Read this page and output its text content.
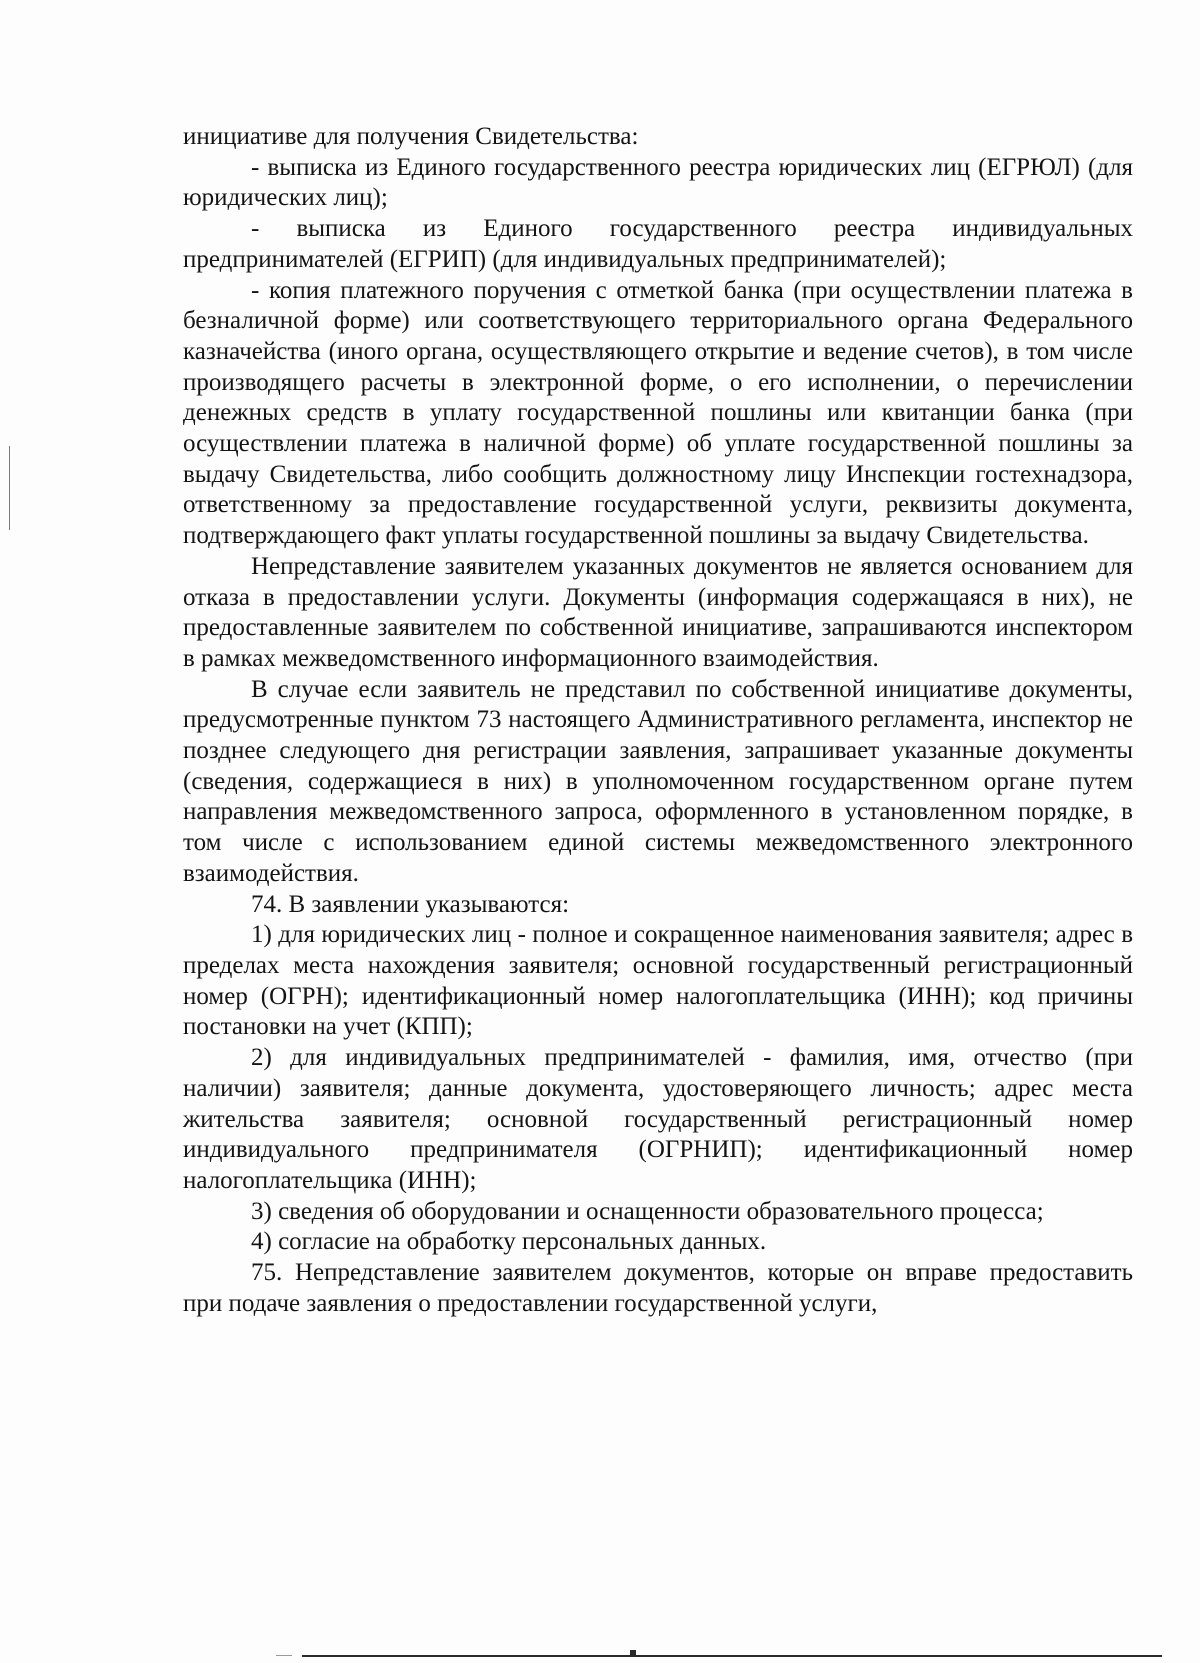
инициативе для получения Свидетельства:

- выписка из Единого государственного реестра юридических лиц (ЕГРЮЛ) (для юридических лиц);

- выписка из Единого государственного реестра индивидуальных предпринимателей (ЕГРИП) (для индивидуальных предпринимателей);

- копия платежного поручения с отметкой банка (при осуществлении платежа в безналичной форме) или соответствующего территориального органа Федерального казначейства (иного органа, осуществляющего открытие и ведение счетов), в том числе производящего расчеты в электронной форме, о его исполнении, о перечислении денежных средств в уплату государственной пошлины или квитанции банка (при осуществлении платежа в наличной форме) об уплате государственной пошлины за выдачу Свидетельства, либо сообщить должностному лицу Инспекции гостехнадзора, ответственному за предоставление государственной услуги, реквизиты документа, подтверждающего факт уплаты государственной пошлины за выдачу Свидетельства.

Непредставление заявителем указанных документов не является основанием для отказа в предоставлении услуги. Документы (информация содержащаяся в них), не предоставленные заявителем по собственной инициативе, запрашиваются инспектором в рамках межведомственного информационного взаимодействия.

В случае если заявитель не представил по собственной инициативе документы, предусмотренные пунктом 73 настоящего Административного регламента, инспектор не позднее следующего дня регистрации заявления, запрашивает указанные документы (сведения, содержащиеся в них) в уполномоченном государственном органе путем направления межведомственного запроса, оформленного в установленном порядке, в том числе с использованием единой системы межведомственного электронного взаимодействия.

74. В заявлении указываются:

1) для юридических лиц - полное и сокращенное наименования заявителя; адрес в пределах места нахождения заявителя; основной государственный регистрационный номер (ОГРН); идентификационный номер налогоплательщика (ИНН); код причины постановки на учет (КПП);

2) для индивидуальных предпринимателей - фамилия, имя, отчество (при наличии) заявителя; данные документа, удостоверяющего личность; адрес места жительства заявителя; основной государственный регистрационный номер индивидуального предпринимателя (ОГРНИП); идентификационный номер налогоплательщика (ИНН);

3) сведения об оборудовании и оснащенности образовательного процесса;

4) согласие на обработку персональных данных.

75. Непредставление заявителем документов, которые он вправе предоставить при подаче заявления о предоставлении государственной услуги,
